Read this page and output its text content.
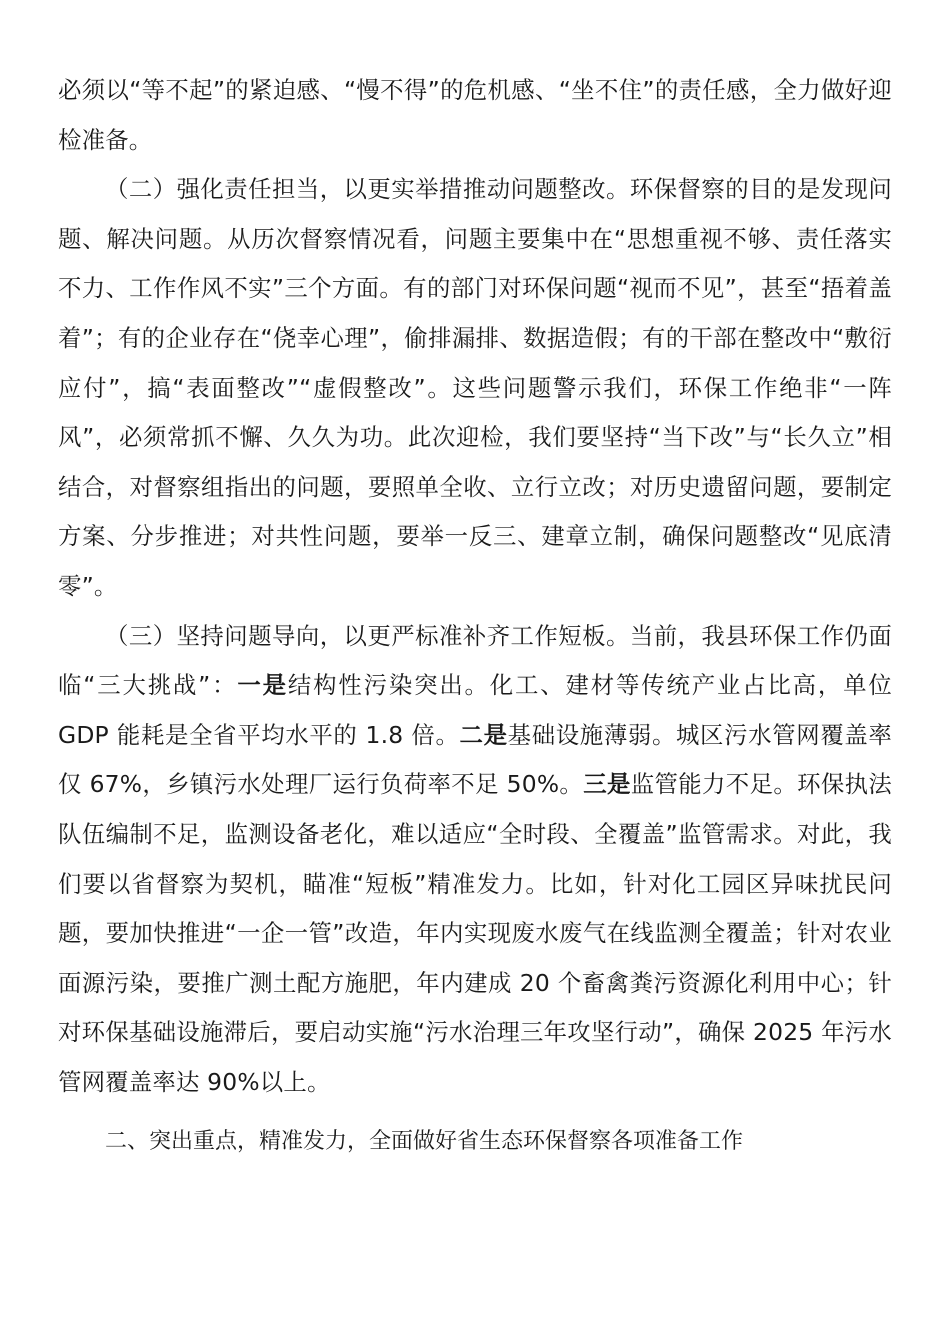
必须以“等不起”的紧迫感、“慢不得”的危机感、“坐不住”的责任感，全力做好迎检准备。

（二）强化责任担当，以更实举措推动问题整改。环保督察的目的是发现问题、解决问题。从历次督察情况看，问题主要集中在“思想重视不够、责任落实不力、工作作风不实”三个方面。有的部门对环保问题“视而不见”，甚至“捂着盖着”；有的企业存在“侥幸心理”，偷排漏排、数据造假；有的干部在整改中“敷衍应付”，搞“表面整改”“虚假整改”。这些问题警示我们，环保工作绝非“一阵风”，必须常抓不懈、久久为功。此次迎检，我们要坚持“当下改”与“长久立”相结合，对督察组指出的问题，要照单全收、立行立改；对历史遗留问题，要制定方案、分步推进；对共性问题，要举一反三、建章立制，确保问题整改“见底清零”。

（三）坚持问题导向，以更严标准补齐工作短板。当前，我县环保工作仍面临“三大挑战”：一是结构性污染突出。化工、建材等传统产业占比高，单位 GDP 能耗是全省平均水平的 1.8 倍。二是基础设施薄弱。城区污水管网覆盖率仅 67%，乡镇污水处理厂运行负荷率不足 50%。三是监管能力不足。环保执法队伍编制不足，监测设备老化，难以适应“全时段、全覆盖”监管需求。对此，我们要以省督察为契机，瞄准“短板”精准发力。比如，针对化工园区异味扰民问题，要加快推进“一企一管”改造，年内实现废水废气在线监测全覆盖；针对农业面源污染，要推广测土配方施肥，年内建成 20 个畜禽粪污资源化利用中心；针对环保基础设施滞后，要启动实施“污水治理三年攻坚行动”，确保 2025 年污水管网覆盖率达 90%以上。

二、突出重点，精准发力，全面做好省生态环保督察各项准备工作
